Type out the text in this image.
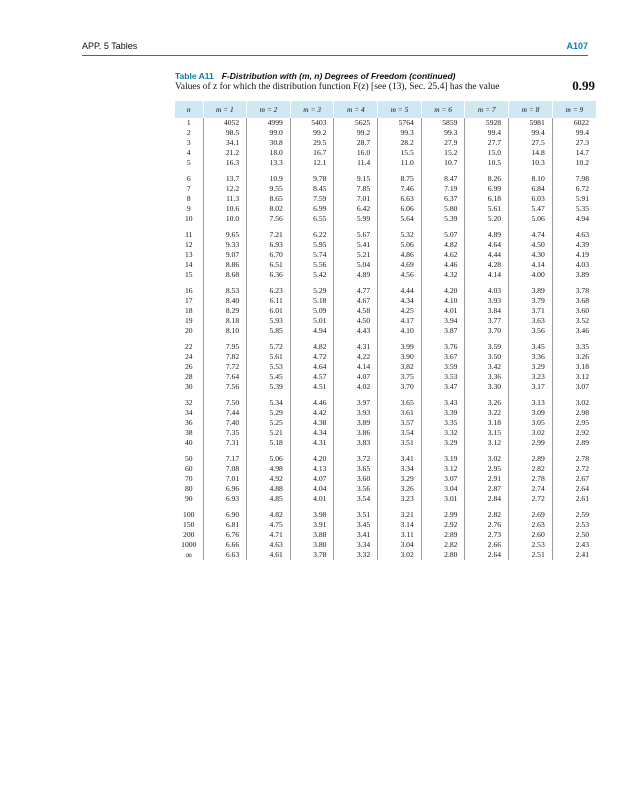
APP. 5 Tables	A107
Table A11 F-Distribution with (m, n) Degrees of Freedom (continued)
Values of z for which the distribution function F(z) [see (13), Sec. 25.4] has the value	0.99
n	m = 1	m = 2	m = 3	m = 4	m = 5	m = 6	m = 7	m = 8	m = 9
1	4052	4999	5403	5625	5764	5859	5928	5981	6022
2	98.5	99.0	99.2	99.2	99.3	99.3	99.4	99.4	99.4
3	34.1	30.8	29.5	28.7	28.2	27.9	27.7	27.5	27.3
4	21.2	18.0	16.7	16.0	15.5	15.2	15.0	14.8	14.7
5	16.3	13.3	12.1	11.4	11.0	10.7	10.5	10.3	10.2

6	13.7	10.9	9.78	9.15	8.75	8.47	8.26	8.10	7.98
7	12.2	9.55	8.45	7.85	7.46	7.19	6.99	6.84	6.72
8	11.3	8.65	7.59	7.01	6.63	6.37	6.18	6.03	5.91
9	10.6	8.02	6.99	6.42	6.06	5.80	5.61	5.47	5.35
10	10.0	7.56	6.55	5.99	5.64	5.39	5.20	5.06	4.94

11	9.65	7.21	6.22	5.67	5.32	5.07	4.89	4.74	4.63
12	9.33	6.93	5.95	5.41	5.06	4.82	4.64	4.50	4.39
13	9.07	6.70	5.74	5.21	4.86	4.62	4.44	4.30	4.19
14	8.86	6.51	5.56	5.04	4.69	4.46	4.28	4.14	4.03
15	8.68	6.36	5.42	4.89	4.56	4.32	4.14	4.00	3.89

16	8.53	6.23	5.29	4.77	4.44	4.20	4.03	3.89	3.78
17	8.40	6.11	5.18	4.67	4.34	4.10	3.93	3.79	3.68
18	8.29	6.01	5.09	4.58	4.25	4.01	3.84	3.71	3.60
19	8.18	5.93	5.01	4.50	4.17	3.94	3.77	3.63	3.52
20	8.10	5.85	4.94	4.43	4.10	3.87	3.70	3.56	3.46

22	7.95	5.72	4.82	4.31	3.99	3.76	3.59	3.45	3.35
24	7.82	5.61	4.72	4.22	3.90	3.67	3.50	3.36	3.26
26	7.72	5.53	4.64	4.14	3.82	3.59	3.42	3.29	3.18
28	7.64	5.45	4.57	4.07	3.75	3.53	3.36	3.23	3.12
30	7.56	5.39	4.51	4.02	3.70	3.47	3.30	3.17	3.07

32	7.50	5.34	4.46	3.97	3.65	3.43	3.26	3.13	3.02
34	7.44	5.29	4.42	3.93	3.61	3.39	3.22	3.09	2.98
36	7.40	5.25	4.38	3.89	3.57	3.35	3.18	3.05	2.95
38	7.35	5.21	4.34	3.86	3.54	3.32	3.15	3.02	2.92
40	7.31	5.18	4.31	3.83	3.51	3.29	3.12	2.99	2.89

50	7.17	5.06	4.20	3.72	3.41	3.19	3.02	2.89	2.78
60	7.08	4.98	4.13	3.65	3.34	3.12	2.95	2.82	2.72
70	7.01	4.92	4.07	3.60	3.29	3.07	2.91	2.78	2.67
80	6.96	4.88	4.04	3.56	3.26	3.04	2.87	2.74	2.64
90	6.93	4.85	4.01	3.54	3.23	3.01	2.84	2.72	2.61

100	6.90	4.82	3.98	3.51	3.21	2.99	2.82	2.69	2.59
150	6.81	4.75	3.91	3.45	3.14	2.92	2.76	2.63	2.53
200	6.76	4.71	3.88	3.41	3.11	2.89	2.73	2.60	2.50
1000	6.66	4.63	3.80	3.34	3.04	2.82	2.66	2.53	2.43
∞	6.63	4.61	3.78	3.32	3.02	2.80	2.64	2.51	2.41
